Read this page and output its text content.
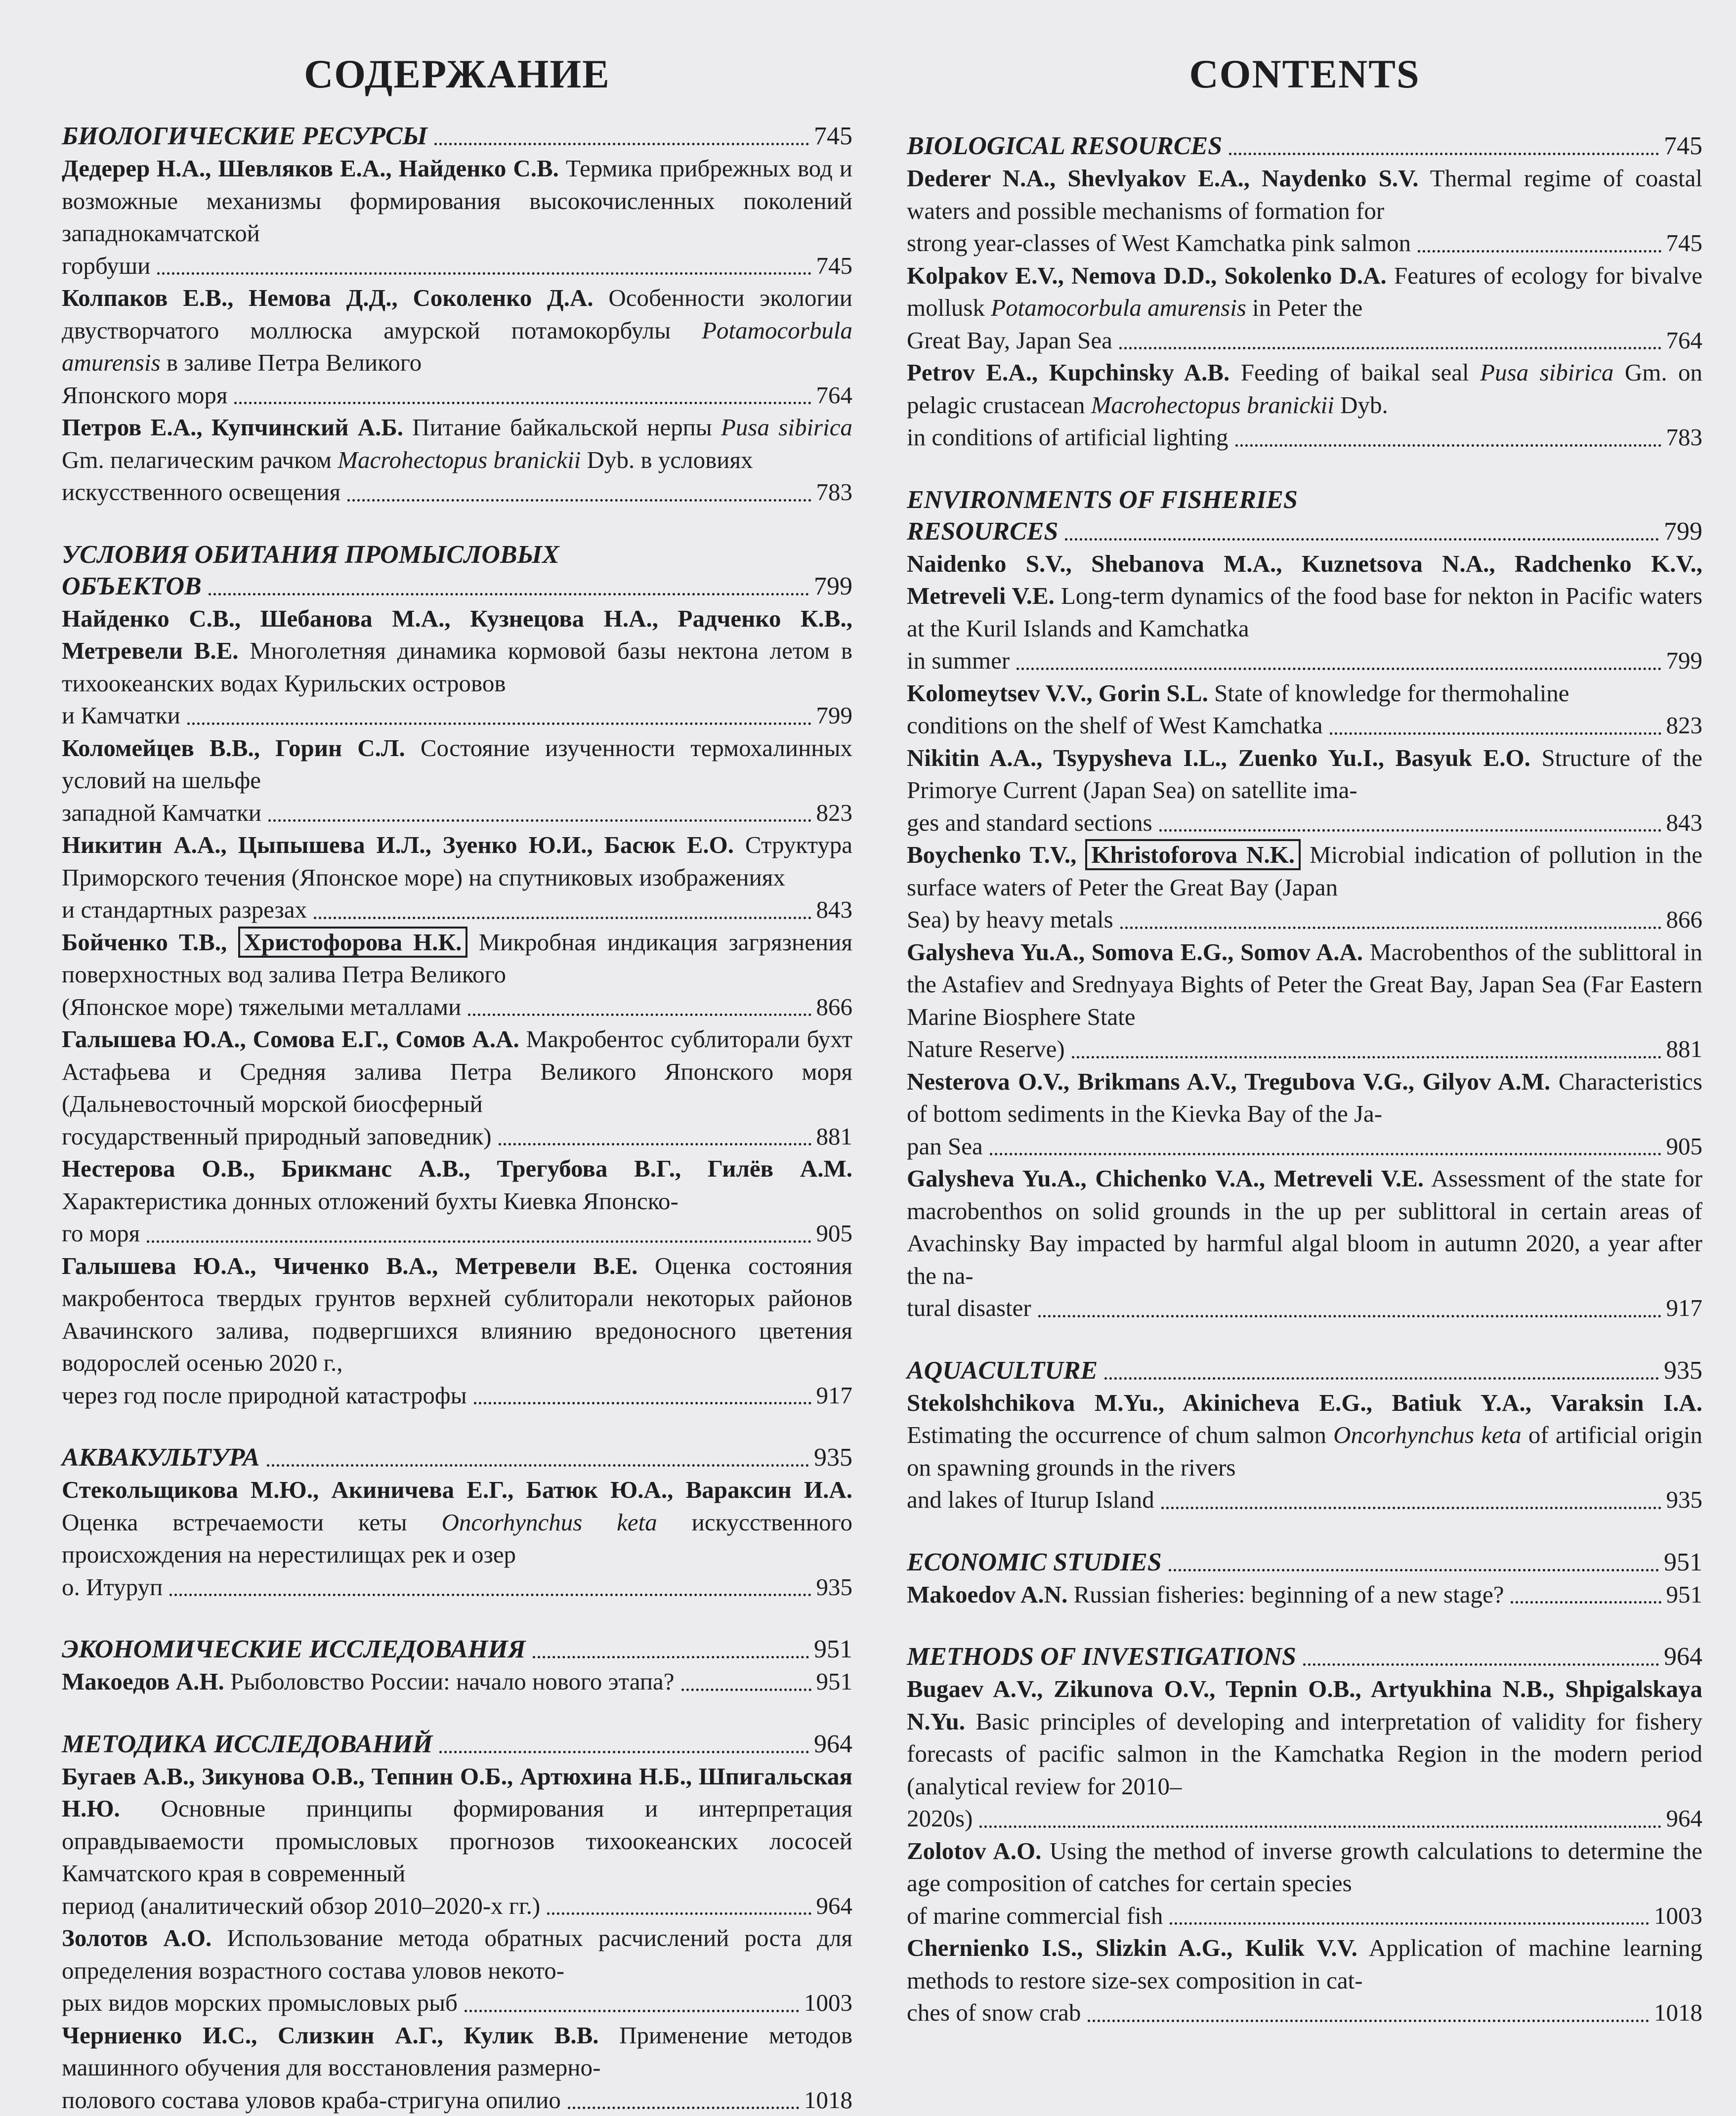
СОДЕРЖАНИЕ
БИОЛОГИЧЕСКИЕ РЕСУРСЫ	745
Дедерер Н.А., Шевляков Е.А., Найденко С.В. Термика прибрежных вод и возможные механизмы формирования высокочисленных поколений западнокамчатской
горбуши	745
Колпаков Е.В., Немова Д.Д., Соколенко Д.А. Особенности экологии двустворчатого моллюска амурской потамокорбулы Potamocorbula amurensis в заливе Петра Великого
Японского моря	764
Петров Е.А., Купчинский А.Б. Питание байкальской нерпы Pusa sibirica Gm. пелагическим рачком Macrohectopus branickii Dyb. в условиях
искусственного освещения	783
УСЛОВИЯ ОБИТАНИЯ ПРОМЫСЛОВЫХ
ОБЪЕКТОВ	799
Найденко С.В., Шебанова М.А., Кузнецова Н.А., Радченко К.В., Метревели В.Е. Многолетняя динамика кормовой базы нектона летом в тихоокеанских водах Курильских островов
и Камчатки	799
Коломейцев В.В., Горин С.Л. Состояние изученности термохалинных условий на шельфе
западной Камчатки	823
Никитин А.А., Цыпышева И.Л., Зуенко Ю.И., Басюк Е.О. Структура Приморского течения (Японское море) на спутниковых изображениях
и стандартных разрезах	843
Бойченко Т.В., Христофорова Н.К. Микробная индикация загрязнения поверхностных вод залива Петра Великого
(Японское море) тяжелыми металлами	866
Галышева Ю.А., Сомова Е.Г., Сомов А.А. Макробентос сублиторали бухт Астафьева и Средняя залива Петра Великого Японского моря (Дальневосточный морской биосферный
государственный природный заповедник)	881
Нестерова О.В., Брикманс А.В., Трегубова В.Г., Гилёв А.М. Характеристика донных отложений бухты Киевка Японско-
го моря	905
Галышева Ю.А., Чиченко В.А., Метревели В.Е. Оценка состояния макробентоса твердых грунтов верхней сублиторали некоторых районов Авачинского залива, подвергшихся влиянию вредоносного цветения водорослей осенью 2020 г.,
через год после природной катастрофы	917
АКВАКУЛЬТУРА	935
Стекольщикова М.Ю., Акиничева Е.Г., Батюк Ю.А., Вараксин И.А. Оценка встречаемости кеты Oncorhynchus keta искусственного происхождения на нерестилищах рек и озер
о. Итуруп	935
ЭКОНОМИЧЕСКИЕ ИССЛЕДОВАНИЯ	951
Макоедов А.Н. Рыболовство России: начало нового этапа?	951
МЕТОДИКА ИССЛЕДОВАНИЙ	964
Бугаев А.В., Зикунова О.В., Тепнин О.Б., Артюхина Н.Б., Шпигальская Н.Ю. Основные принципы формирования и интерпретация оправдываемости промысловых прогнозов тихоокеанских лососей Камчатского края в современный
период (аналитический обзор 2010–2020-х гг.)	964
Золотов А.О. Использование метода обратных расчислений роста для определения возрастного состава уловов некото-
рых видов морских промысловых рыб	1003
Черниенко И.С., Слизкин А.Г., Кулик В.В. Применение методов машинного обучения для восстановления размерно-
полового состава уловов краба-стригуна опилио	1018
CONTENTS
BIOLOGICAL RESOURCES	745
Dederer N.A., Shevlyakov E.A., Naydenko S.V. Thermal regime of coastal waters and possible mechanisms of formation for
strong year-classes of West Kamchatka pink salmon	745
Kolpakov E.V., Nemova D.D., Sokolenko D.A. Features of ecology for bivalve mollusk Potamocorbula amurensis in Peter the
Great Bay, Japan Sea	764
Petrov E.A., Kupchinsky A.B. Feeding of baikal seal Pusa sibirica Gm. on pelagic crustacean Macrohectopus branickii Dyb.
in conditions of artificial lighting	783
ENVIRONMENTS OF FISHERIES
RESOURCES	799
Naidenko S.V., Shebanova M.A., Kuznetsova N.A., Radchenko K.V., Metreveli V.E. Long-term dynamics of the food base for nekton in Pacific waters at the Kuril Islands and Kamchatka
in summer	799
Kolomeytsev V.V., Gorin S.L. State of knowledge for thermohaline
conditions on the shelf of West Kamchatka	823
Nikitin A.A., Tsypysheva I.L., Zuenko Yu.I., Basyuk E.O. Structure of the Primorye Current (Japan Sea) on satellite ima-
ges and standard sections	843
Boychenko T.V., Khristoforova N.K. Microbial indication of pollution in the surface waters of Peter the Great Bay (Japan
Sea) by heavy metals	866
Galysheva Yu.A., Somova E.G., Somov A.A. Macrobenthos of the sublittoral in the Astafiev and Srednyaya Bights of Peter the Great Bay, Japan Sea (Far Eastern Marine Biosphere State
Nature Reserve)	881
Nesterova O.V., Brikmans A.V., Tregubova V.G., Gilyov A.M. Characteristics of bottom sediments in the Kievka Bay of the Ja-
pan Sea	905
Galysheva Yu.A., Chichenko V.A., Metreveli V.E. Assessment of the state for macrobenthos on solid grounds in the up per sublittoral in certain areas of Avachinsky Bay impacted by harmful algal bloom in autumn 2020, a year after the na-
tural disaster	917
AQUACULTURE	935
Stekolshchikova M.Yu., Akinicheva E.G., Batiuk Y.A., Varaksin I.A. Estimating the occurrence of chum salmon Oncorhynchus keta of artificial origin on spawning grounds in the rivers
and lakes of Iturup Island	935
ECONOMIC STUDIES	951
Makoedov A.N. Russian fisheries: beginning of a new stage?	951
METHODS OF INVESTIGATIONS	964
Bugaev A.V., Zikunova O.V., Tepnin O.B., Artyukhina N.B., Shpigalskaya N.Yu. Basic principles of developing and interpretation of validity for fishery forecasts of pacific salmon in the Kamchatka Region in the modern period (analytical review for 2010–
2020s)	964
Zolotov A.O. Using the method of inverse growth calculations to determine the age composition of catches for certain species
of marine commercial fish	1003
Chernienko I.S., Slizkin A.G., Kulik V.V. Application of machine learning methods to restore size-sex composition in cat-
ches of snow crab	1018
